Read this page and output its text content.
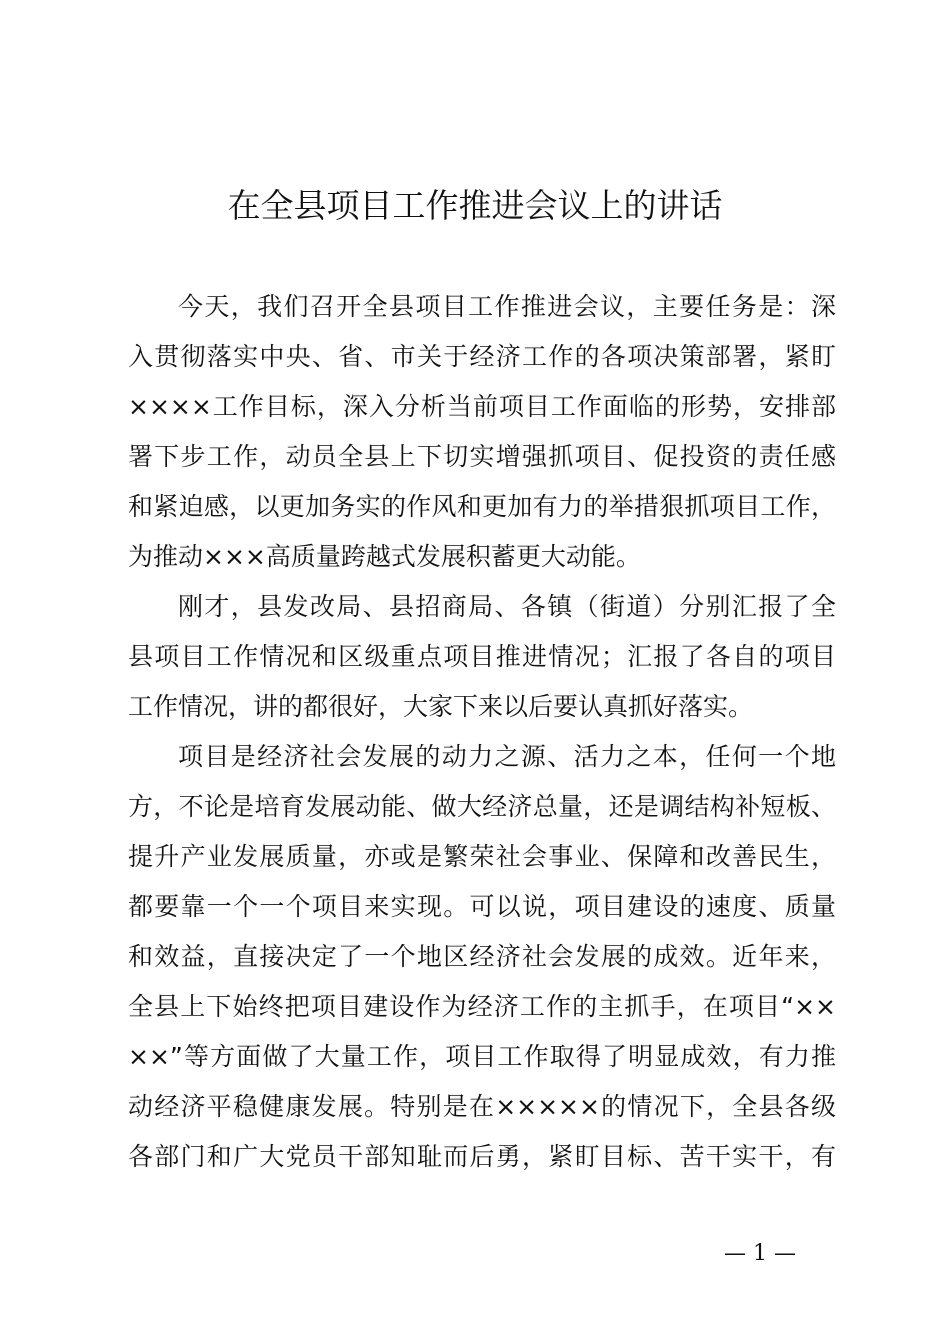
在全县项目工作推进会议上的讲话
今天，我们召开全县项目工作推进会议，主要任务是：深
入贯彻落实中央、省、市关于经济工作的各项决策部署，紧盯
××××工作目标，深入分析当前项目工作面临的形势，安排部
署下步工作，动员全县上下切实增强抓项目、促投资的责任感
和紧迫感，以更加务实的作风和更加有力的举措狠抓项目工作，
为推动×××高质量跨越式发展积蓄更大动能。
刚才，县发改局、县招商局、各镇（街道）分别汇报了全
县项目工作情况和区级重点项目推进情况；汇报了各自的项目
工作情况，讲的都很好，大家下来以后要认真抓好落实。
项目是经济社会发展的动力之源、活力之本，任何一个地
方，不论是培育发展动能、做大经济总量，还是调结构补短板、
提升产业发展质量，亦或是繁荣社会事业、保障和改善民生，
都要靠一个一个项目来实现。可以说，项目建设的速度、质量
和效益，直接决定了一个地区经济社会发展的成效。近年来，
全县上下始终把项目建设作为经济工作的主抓手，在项目“××
××”等方面做了大量工作，项目工作取得了明显成效，有力推
动经济平稳健康发展。特别是在×××××的情况下，全县各级
各部门和广大党员干部知耻而后勇，紧盯目标、苦干实干，有
— 1 —
